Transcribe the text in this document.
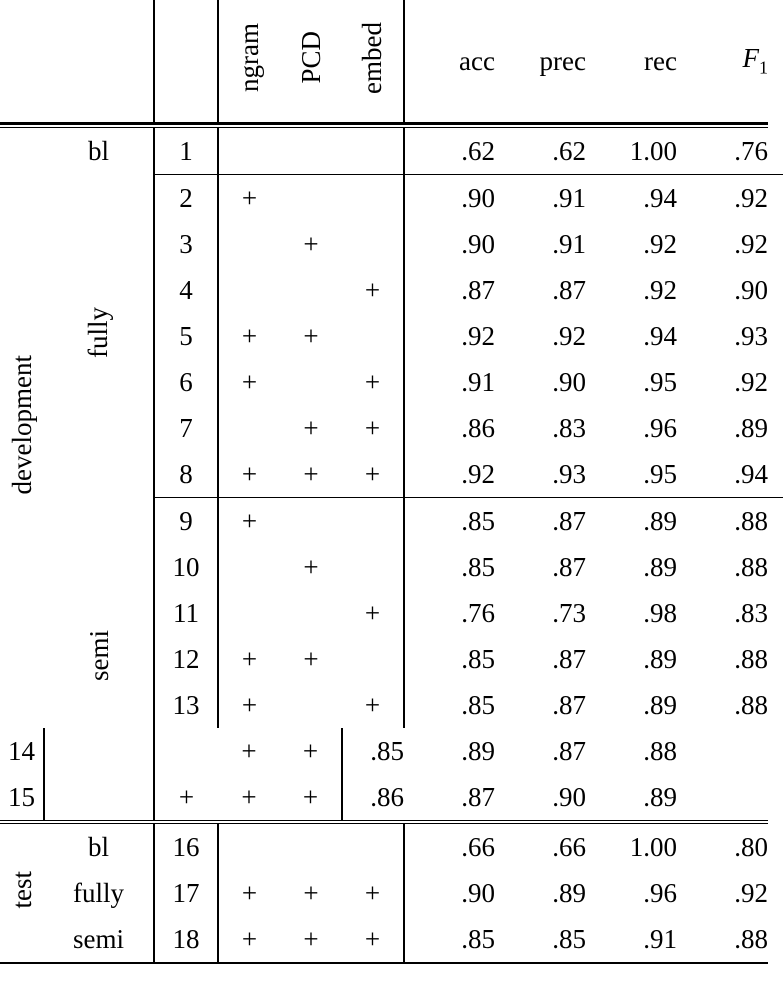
			ngram	PCD	embed	acc	prec	rec	$F_1$

development	bl	1				.62	.62	1.00	.76

	fully	2	+			.90	.91	.94	.92
		3		+		.90	.91	.92	.92
		4			+	.87	.87	.92	.90
		5	+	+		.92	.92	.94	.93
		6	+		+	.91	.90	.95	.92
		7		+	+	.86	.83	.96	.89
		8	+	+	+	.92	.93	.95	.94

	semi	9	+			.85	.87	.89	.88
		10		+		.85	.87	.89	.88
		11			+	.76	.73	.98	.83
		12	+	+		.85	.87	.89	.88
		13	+		+	.85	.87	.89	.88
14			+	+	.85	.89	.87	.88	
15		+	+	+	.86	.87	.90	.89	

test	bl	16				.66	.66	1.00	.80
	fully	17	+	+	+	.90	.89	.96	.92
	semi	18	+	+	+	.85	.85	.91	.88
